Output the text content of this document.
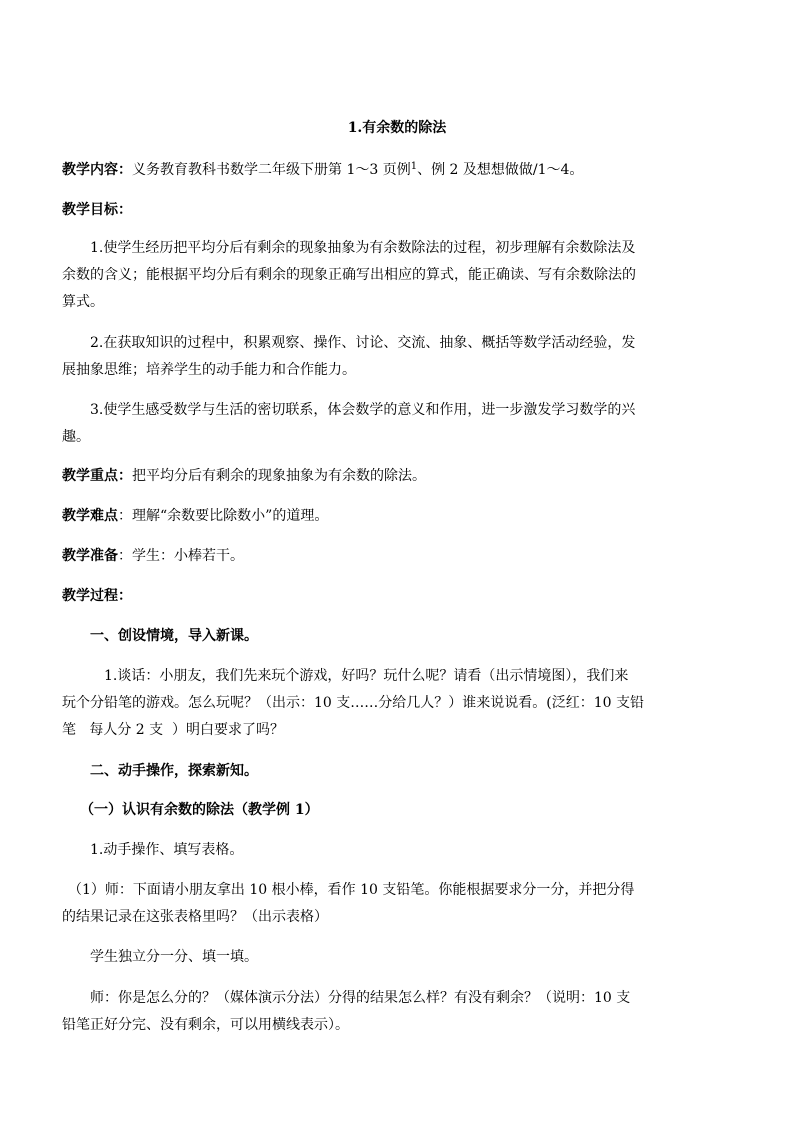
1.有余数的除法
教学内容：义务教育教科书数学二年级下册第 1～3 页例$^1$、例 2 及想想做做/1～4。
教学目标：
1.使学生经历把平均分后有剩余的现象抽象为有余数除法的过程，初步理解有余数除法及
余数的含义；能根据平均分后有剩余的现象正确写出相应的算式，能正确读、写有余数除法的
算式。
2.在获取知识的过程中，积累观察、操作、讨论、交流、抽象、概括等数学活动经验，发
展抽象思维；培养学生的动手能力和合作能力。
3.使学生感受数学与生活的密切联系，体会数学的意义和作用，进一步激发学习数学的兴
趣。
教学重点：把平均分后有剩余的现象抽象为有余数的除法。
教学难点：理解“余数要比除数小”的道理。
教学准备：学生：小棒若干。
教学过程：
一、创设情境，导入新课。
1.谈话：小朋友，我们先来玩个游戏，好吗？玩什么呢？请看（出示情境图），我们来
玩个分铅笔的游戏。怎么玩呢？（出示：10 支……分给几人？）谁来说说看。(泛红：10 支铅
笔   每人分 2 支  ）明白要求了吗？
二、动手操作，探索新知。
（一）认识有余数的除法（教学例 1）
1.动手操作、填写表格。
（1）师：下面请小朋友拿出 10 根小棒，看作 10 支铅笔。你能根据要求分一分，并把分得
的结果记录在这张表格里吗？（出示表格）
学生独立分一分、填一填。
师：你是怎么分的？（媒体演示分法）分得的结果怎么样？有没有剩余？（说明：10 支
铅笔正好分完、没有剩余，可以用横线表示）。
